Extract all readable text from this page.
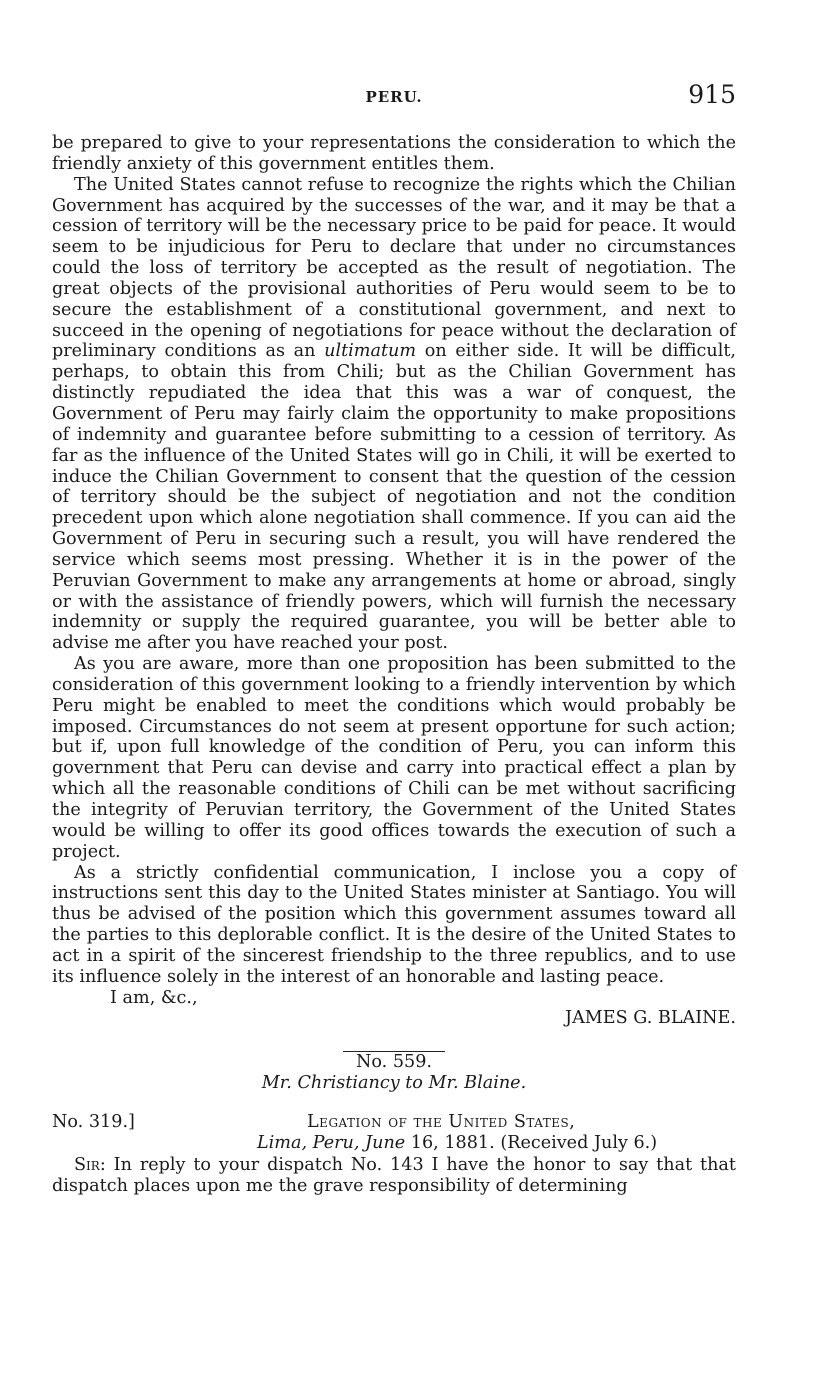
PERU.	915

be prepared to give to your representations the consideration to which the friendly anxiety of this government entitles them.

The United States cannot refuse to recognize the rights which the Chilian Government has acquired by the successes of the war, and it may be that a cession of territory will be the necessary price to be paid for peace. It would seem to be injudicious for Peru to declare that under no circumstances could the loss of territory be accepted as the result of negotiation. The great objects of the provisional authorities of Peru would seem to be to secure the establishment of a constitutional government, and next to succeed in the opening of negotiations for peace without the declaration of preliminary conditions as an ultimatum on either side. It will be difficult, perhaps, to obtain this from Chili; but as the Chilian Government has distinctly repudiated the idea that this was a war of conquest, the Government of Peru may fairly claim the opportunity to make propositions of indemnity and guarantee before submitting to a cession of territory. As far as the influence of the United States will go in Chili, it will be exerted to induce the Chilian Government to consent that the question of the cession of territory should be the subject of negotiation and not the condition precedent upon which alone negotiation shall commence. If you can aid the Government of Peru in securing such a result, you will have rendered the service which seems most pressing. Whether it is in the power of the Peruvian Government to make any arrangements at home or abroad, singly or with the assistance of friendly powers, which will furnish the necessary indemnity or supply the required guarantee, you will be better able to advise me after you have reached your post.

As you are aware, more than one proposition has been submitted to the consideration of this government looking to a friendly intervention by which Peru might be enabled to meet the conditions which would probably be imposed. Circumstances do not seem at present opportune for such action; but if, upon full knowledge of the condition of Peru, you can inform this government that Peru can devise and carry into practical effect a plan by which all the reasonable conditions of Chili can be met without sacrificing the integrity of Peruvian territory, the Government of the United States would be willing to offer its good offices towards the execution of such a project.

As a strictly confidential communication, I inclose you a copy of instructions sent this day to the United States minister at Santiago. You will thus be advised of the position which this government assumes toward all the parties to this deplorable conflict. It is the desire of the United States to act in a spirit of the sincerest friendship to the three republics, and to use its influence solely in the interest of an honorable and lasting peace.

I am, &c.,

JAMES G. BLAINE.

No. 559.

Mr. Christiancy to Mr. Blaine.

No. 319.]	Legation of the United States,
Lima, Peru, June 16, 1881. (Received July 6.)

Sir: In reply to your dispatch No. 143 I have the honor to say that that dispatch places upon me the grave responsibility of determining
